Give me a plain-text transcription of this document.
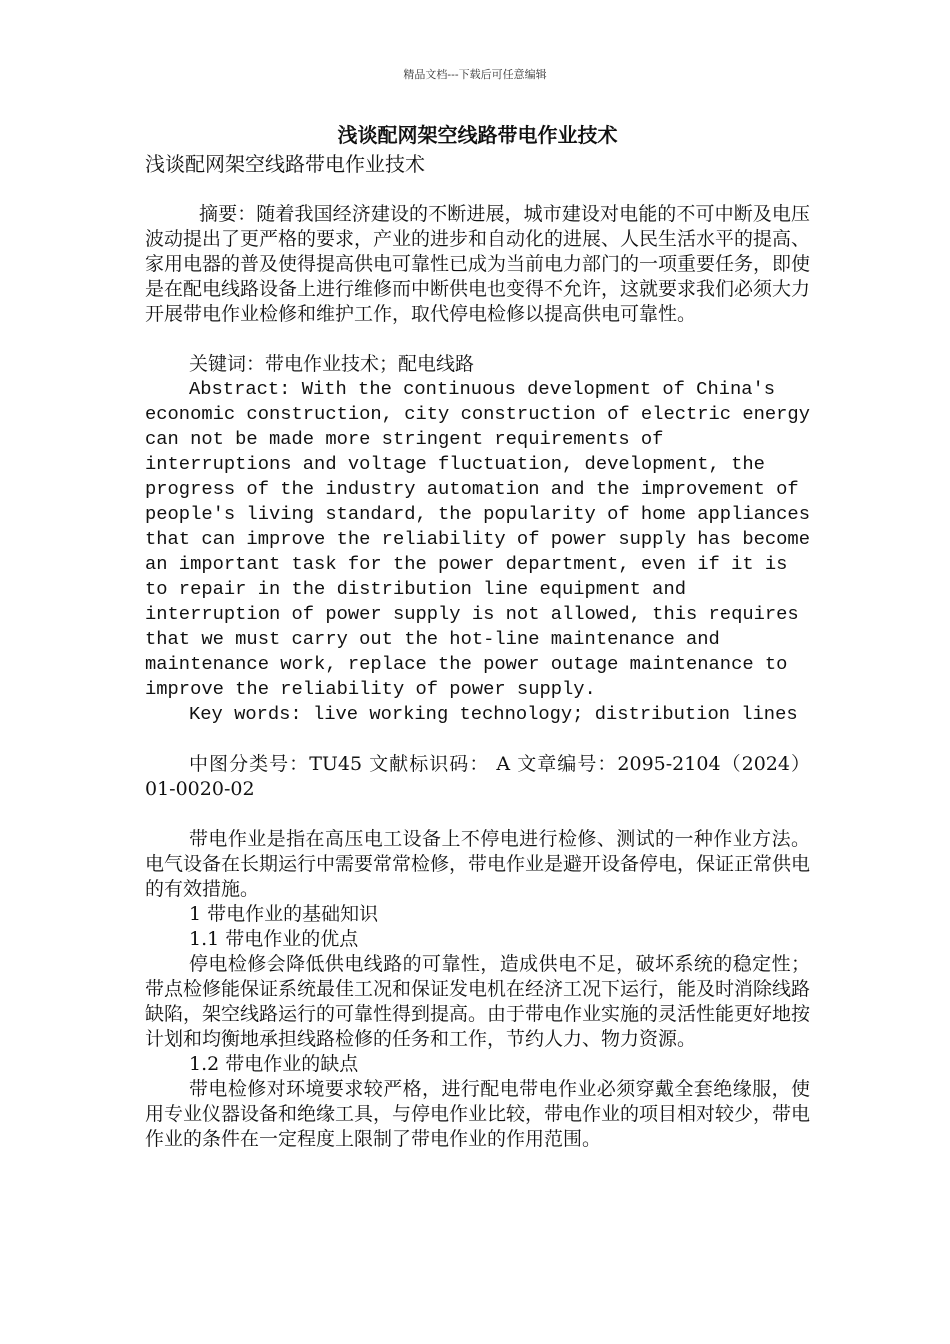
精品文档---下载后可任意编辑
浅谈配网架空线路带电作业技术
浅谈配网架空线路带电作业技术

摘要：随着我国经济建设的不断进展，城市建设对电能的不可中断及电压波动提出了更严格的要求，产业的进步和自动化的进展、人民生活水平的提高、家用电器的普及使得提高供电可靠性已成为当前电力部门的一项重要任务，即使是在配电线路设备上进行维修而中断供电也变得不允许，这就要求我们必须大力开展带电作业检修和维护工作，取代停电检修以提高供电可靠性。

关键词：带电作业技术；配电线路

Abstract: With the continuous development of China's economic construction, city construction of electric energy can not be made more stringent requirements of interruptions and voltage fluctuation, development, the progress of the industry automation and the improvement of people's living standard, the popularity of home appliances that can improve the reliability of power supply has become an important task for the power department, even if it is to repair in the distribution line equipment and interruption of power supply is not allowed, this requires that we must carry out the hot-line maintenance and maintenance work, replace the power outage maintenance to improve the reliability of power supply.

Key words: live working technology; distribution lines

中图分类号：TU45 文献标识码： A 文章编号：2095-2104（2024）01-0020-02

带电作业是指在高压电工设备上不停电进行检修、测试的一种作业方法。电气设备在长期运行中需要常常检修，带电作业是避开设备停电，保证正常供电的有效措施。

1 带电作业的基础知识

1.1 带电作业的优点

停电检修会降低供电线路的可靠性，造成供电不足，破坏系统的稳定性；带点检修能保证系统最佳工况和保证发电机在经济工况下运行，能及时消除线路缺陷，架空线路运行的可靠性得到提高。由于带电作业实施的灵活性能更好地按计划和均衡地承担线路检修的任务和工作，节约人力、物力资源。

1.2 带电作业的缺点

带电检修对环境要求较严格，进行配电带电作业必须穿戴全套绝缘服，使用专业仪器设备和绝缘工具，与停电作业比较，带电作业的项目相对较少，带电作业的条件在一定程度上限制了带电作业的作用范围。
